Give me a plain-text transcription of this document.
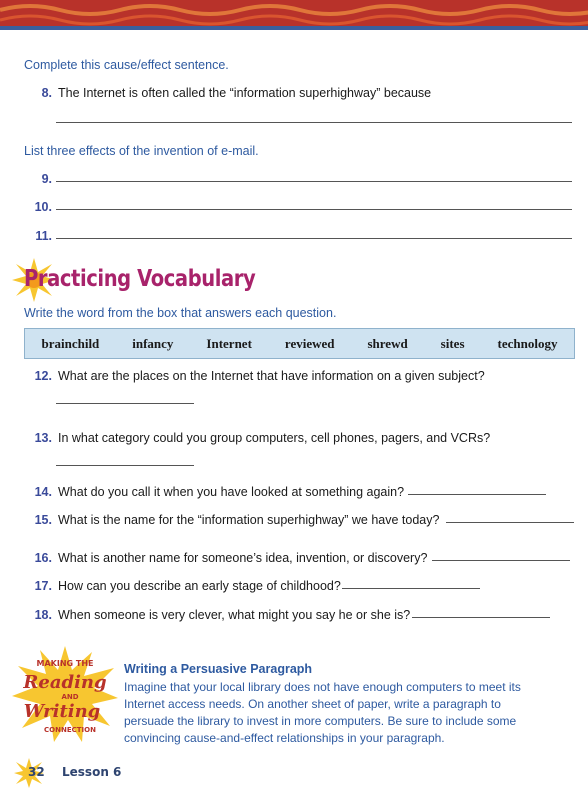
Complete this cause/effect sentence.
8. The Internet is often called the “information superhighway” because
List three effects of the invention of e-mail.
9.
10.
11.
Practicing Vocabulary
Write the word from the box that answers each question.
brainchild	infancy	Internet	reviewed	shrewd	sites	technology
12. What are the places on the Internet that have information on a given subject?
13. In what category could you group computers, cell phones, pagers, and VCRs?
14. What do you call it when you have looked at something again?
15. What is the name for the “information superhighway” we have today?
16. What is another name for someone’s idea, invention, or discovery?
17. How can you describe an early stage of childhood?
18. When someone is very clever, what might you say he or she is?
MAKING THE
Reading
AND
Writing
CONNECTION
Writing a Persuasive Paragraph
Imagine that your local library does not have enough computers to meet its Internet access needs. On another sheet of paper, write a paragraph to persuade the library to invest in more computers. Be sure to include some convincing cause-and-effect relationships in your paragraph.
32 Lesson 6
